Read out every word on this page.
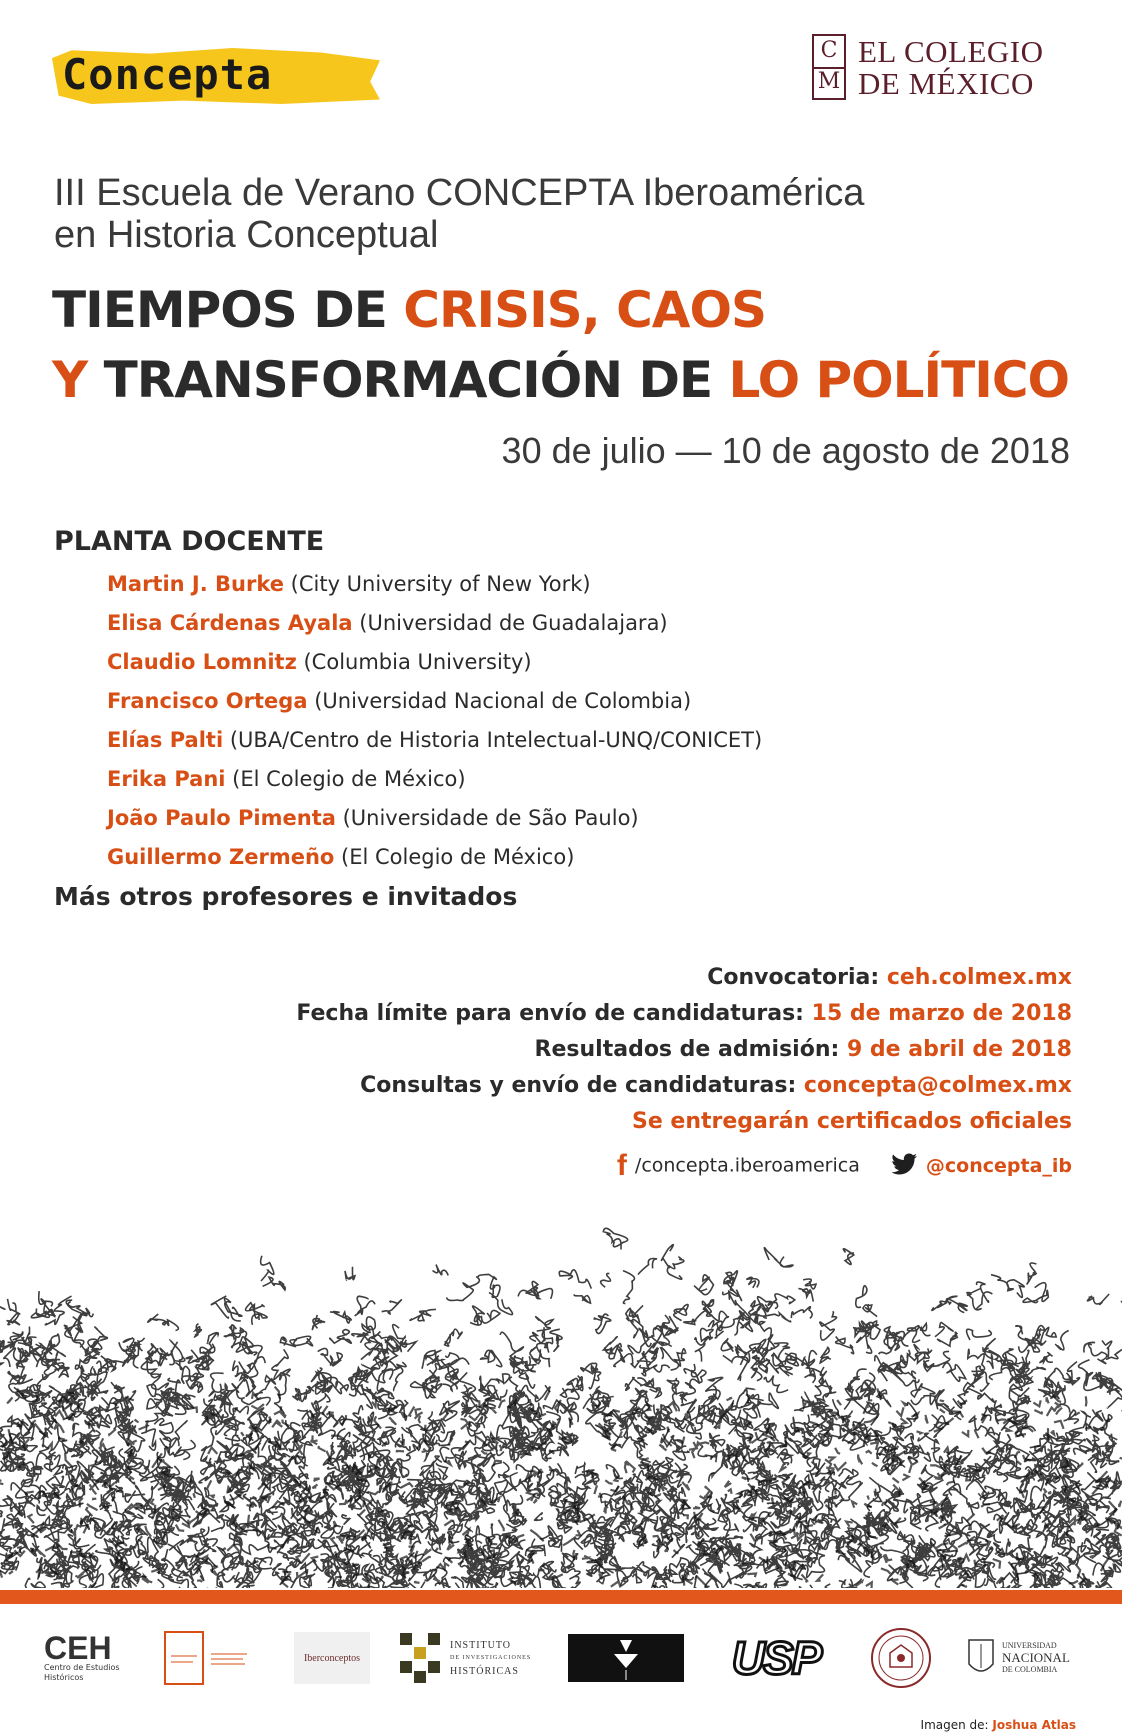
Concepta	C
M
EL COLEGIO
DE MÉXICO
III Escuela de Verano CONCEPTA Iberoamérica
en Historia Conceptual
TIEMPOS DE CRISIS, CAOS
Y TRANSFORMACIÓN DE LO POLÍTICO
30 de julio — 10 de agosto de 2018
PLANTA DOCENTE
Martin J. Burke (City University of New York)
Elisa Cárdenas Ayala (Universidad de Guadalajara)
Claudio Lomnitz (Columbia University)
Francisco Ortega (Universidad Nacional de Colombia)
Elías Palti (UBA/Centro de Historia Intelectual-UNQ/CONICET)
Erika Pani (El Colegio de México)
João Paulo Pimenta (Universidade de São Paulo)
Guillermo Zermeño (El Colegio de México)
Más otros profesores e invitados
Convocatoria: ceh.colmex.mx
Fecha límite para envío de candidaturas: 15 de marzo de 2018
Resultados de admisión: 9 de abril de 2018
Consultas y envío de candidaturas: concepta@colmex.mx
Se entregarán certificados oficiales
f /concepta.iberoamerica	@concepta_ib
CEH
Centro de Estudios Históricos
Iberconceptos
INSTITUTO
DE INVESTIGACIONES
HISTÓRICAS	USP	UNIVERSIDAD
NACIONAL
DE COLOMBIA
Imagen de: Joshua Atlas
